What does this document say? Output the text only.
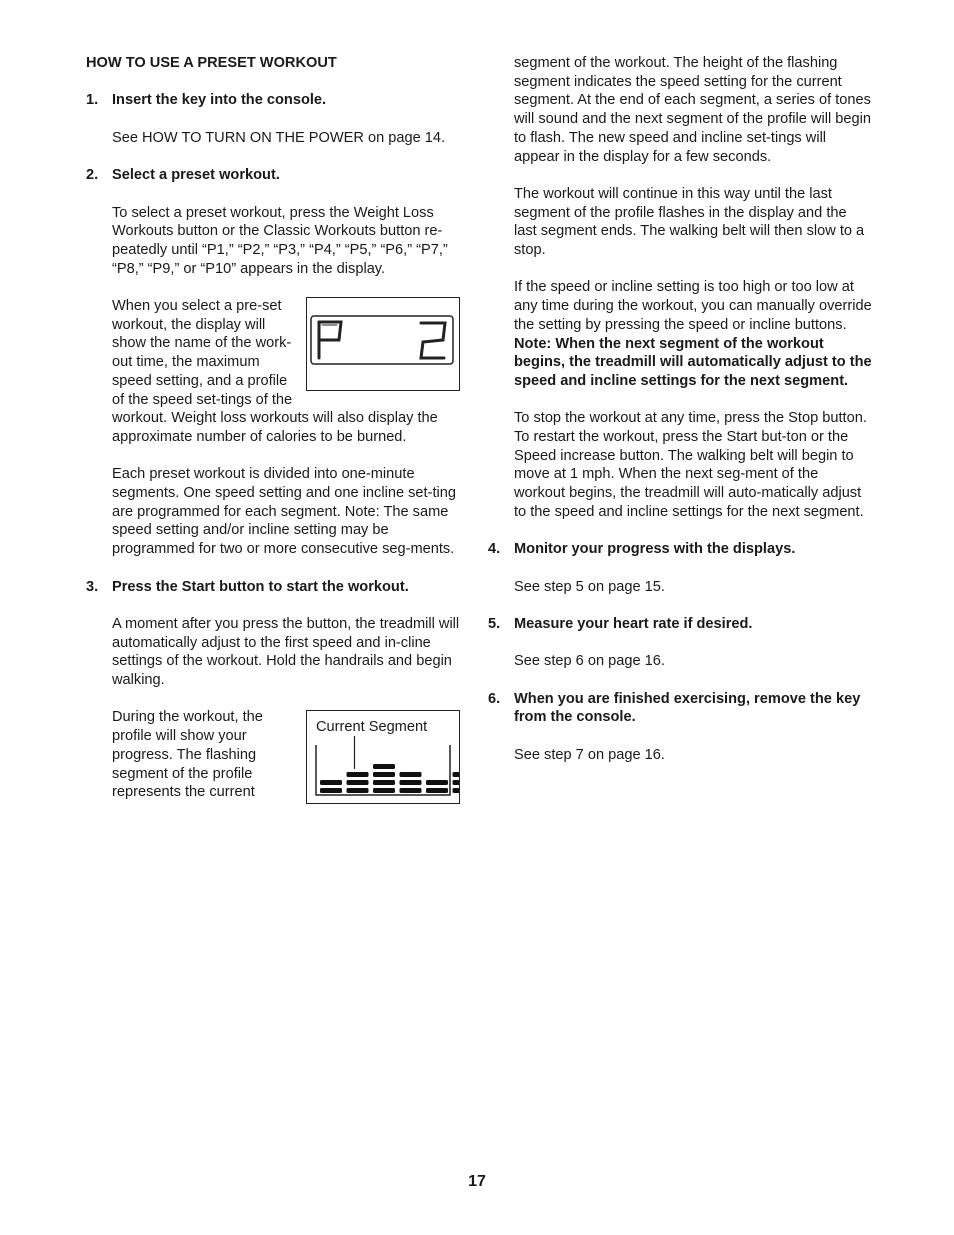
HOW TO USE A PRESET WORKOUT

1. Insert the key into the console.

See HOW TO TURN ON THE POWER on page 14.

2. Select a preset workout.

To select a preset workout, press the Weight Loss Workouts button or the Classic Workouts button re-peatedly until “P1,” “P2,” “P3,” “P4,” “P5,” “P6,” “P7,” “P8,” “P9,” or “P10” appears in the display.

When you select a pre-set workout, the display will show the name of the work-out time, the maximum speed setting, and a profile of the speed set-tings of the workout. Weight loss workouts will also display the approximate number of calories to be burned.

Each preset workout is divided into one-minute segments. One speed setting and one incline set-ting are programmed for each segment. Note: The same speed setting and/or incline setting may be programmed for two or more consecutive seg-ments.

3. Press the Start button to start the workout.

A moment after you press the button, the treadmill will automatically adjust to the first speed and in-cline settings of the workout. Hold the handrails and begin walking.

Current Segment

During the workout, the profile will show your progress. The flashing segment of the profile represents the current

segment of the workout. The height of the flashing segment indicates the speed setting for the current segment. At the end of each segment, a series of tones will sound and the next segment of the profile will begin to flash. The new speed and incline set-tings will appear in the display for a few seconds.

The workout will continue in this way until the last segment of the profile flashes in the display and the last segment ends. The walking belt will then slow to a stop.

If the speed or incline setting is too high or too low at any time during the workout, you can manually override the setting by pressing the speed or incline buttons. Note: When the next segment of the workout begins, the treadmill will automatically adjust to the speed and incline settings for the next segment.

To stop the workout at any time, press the Stop button. To restart the workout, press the Start but-ton or the Speed increase button. The walking belt will begin to move at 1 mph. When the next seg-ment of the workout begins, the treadmill will auto-matically adjust to the speed and incline settings for the next segment.

4. Monitor your progress with the displays.

See step 5 on page 15.

5. Measure your heart rate if desired.

See step 6 on page 16.

6. When you are finished exercising, remove the key from the console.

See step 7 on page 16.

17
